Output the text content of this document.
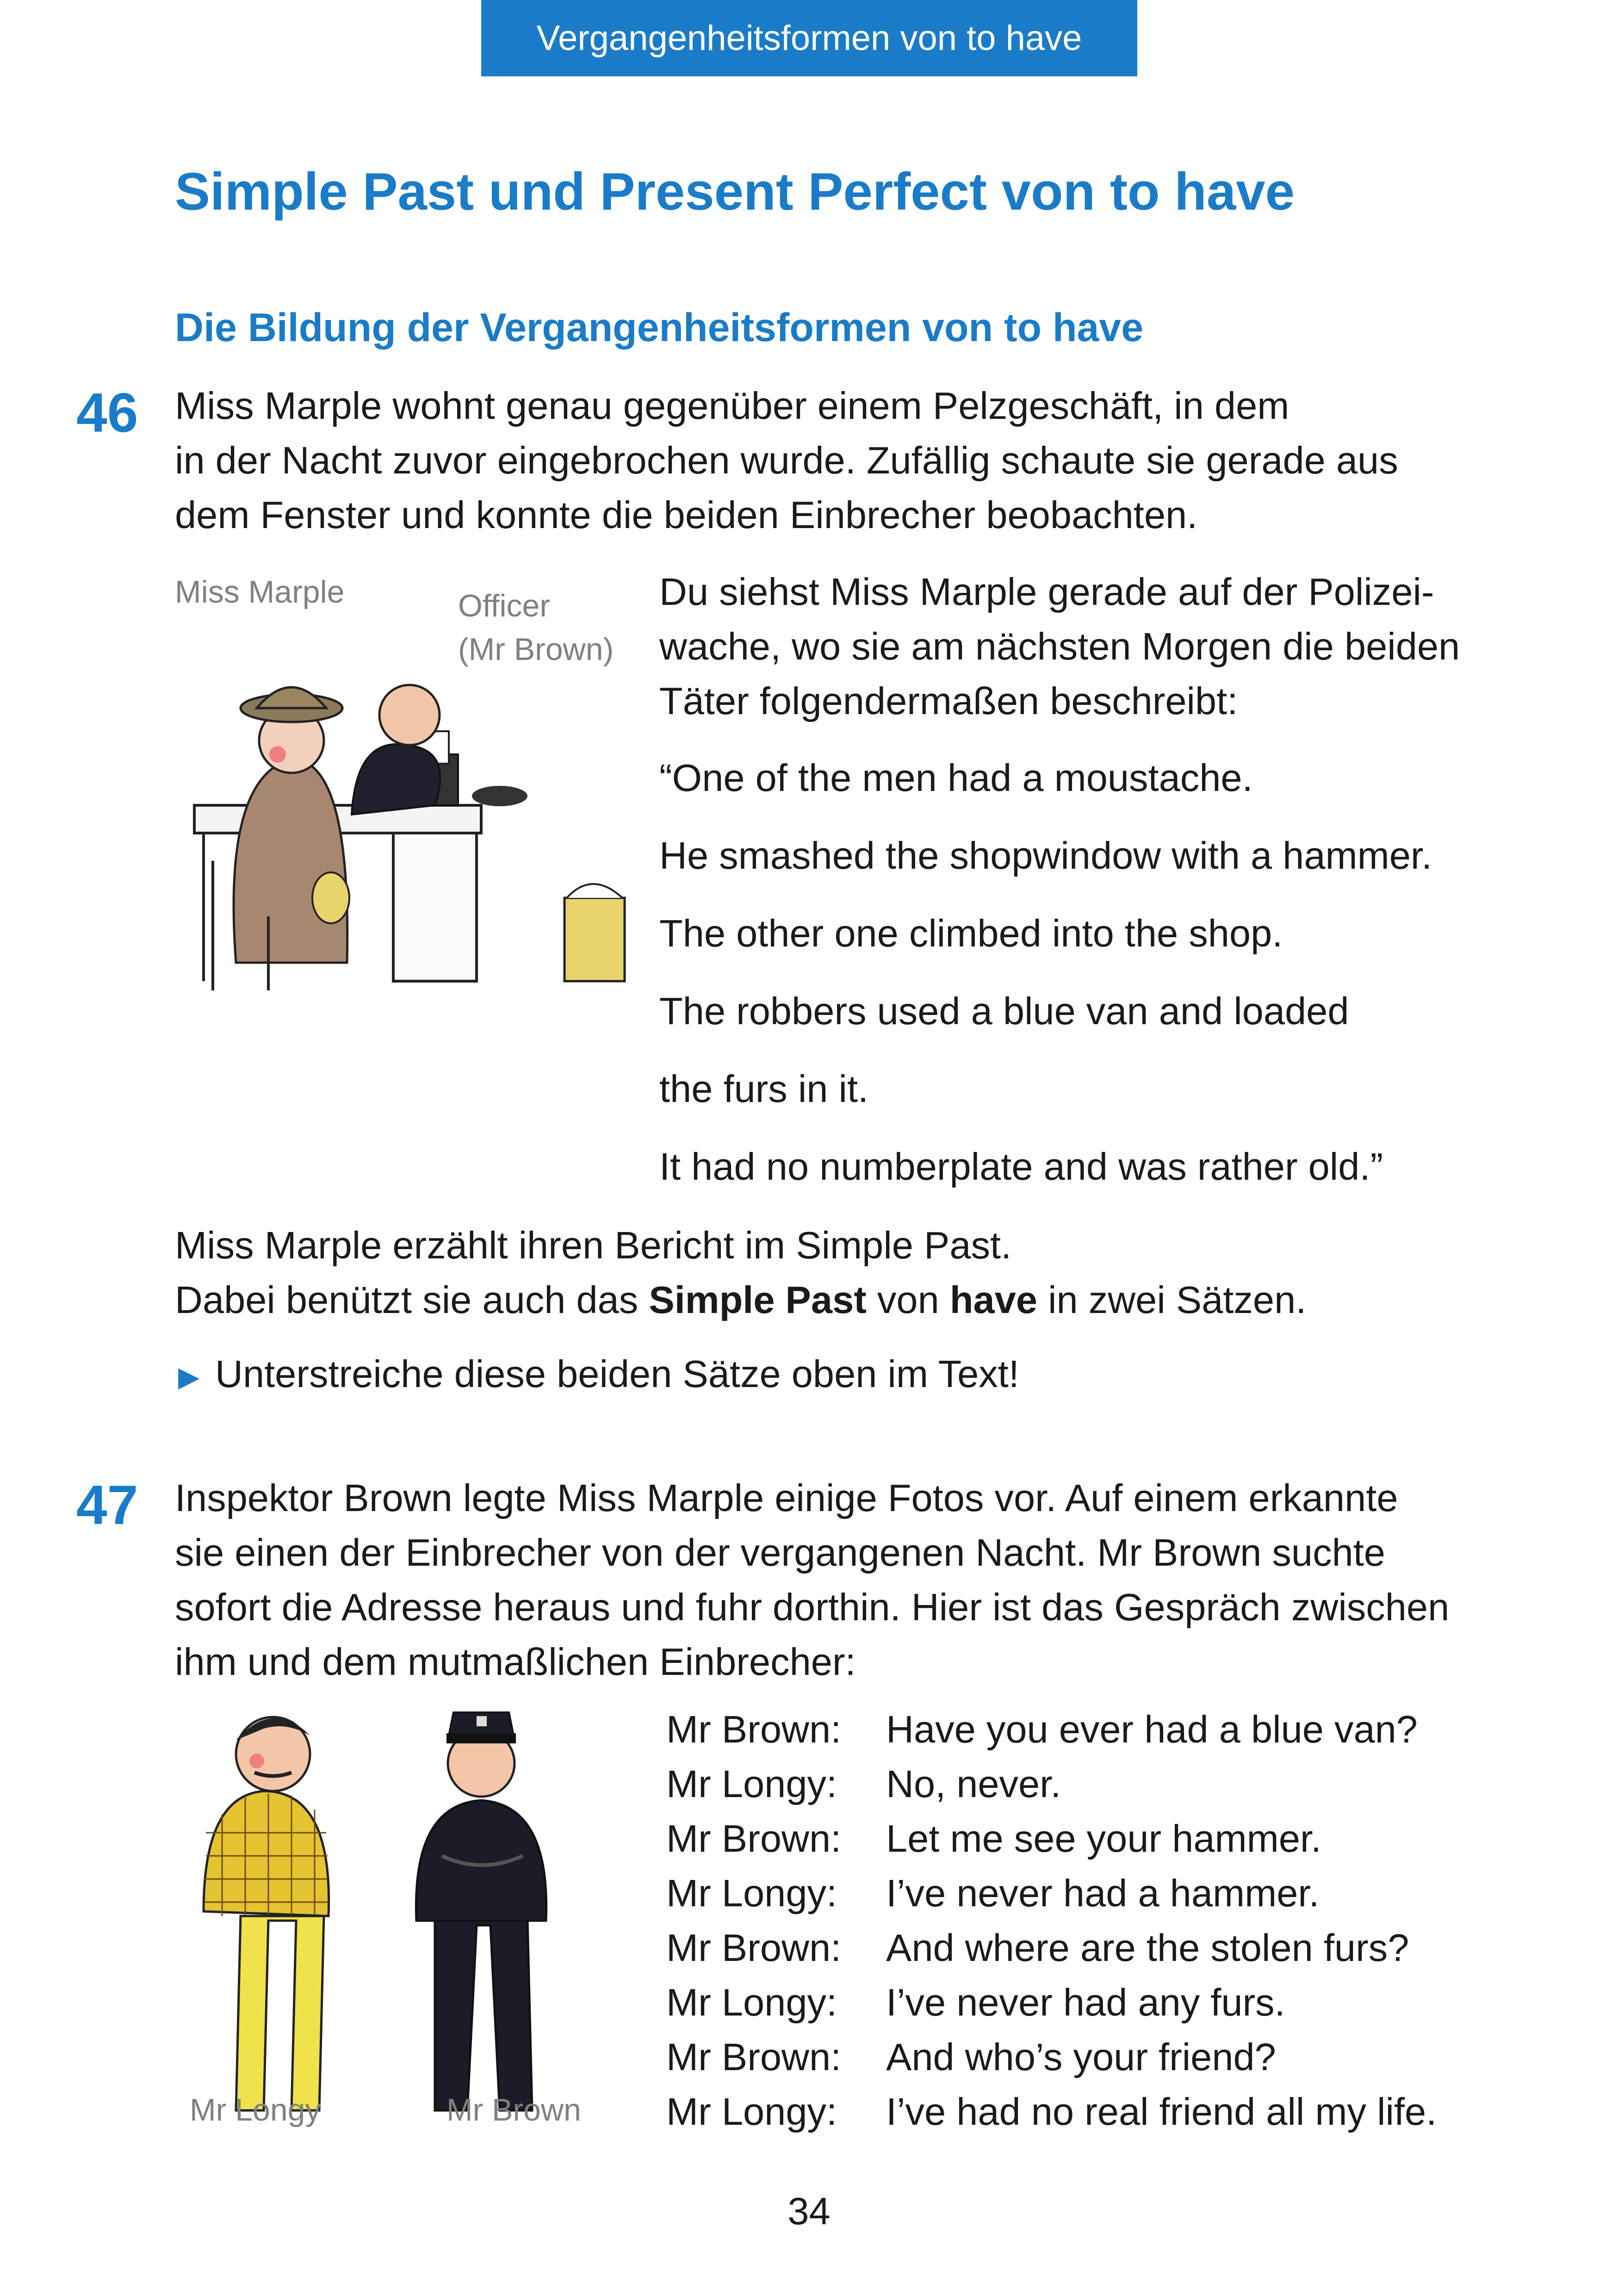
Vergangenheitsformen von to have
Simple Past und Present Perfect von to have
Die Bildung der Vergangenheitsformen von to have
46 Miss Marple wohnt genau gegenüber einem Pelzgeschäft, in dem
in der Nacht zuvor eingebrochen wurde. Zufällig schaute sie gerade aus
dem Fenster und konnte die beiden Einbrecher beobachten.
Miss Marple	Officer
(Mr Brown)
Du siehst Miss Marple gerade auf der Polizei-
wache, wo sie am nächsten Morgen die beiden
Täter folgendermaßen beschreibt:
“One of the men had a moustache.
He smashed the shopwindow with a hammer.
The other one climbed into the shop.
The robbers used a blue van and loaded
the furs in it.
It had no numberplate and was rather old.”
Miss Marple erzählt ihren Bericht im Simple Past.
Dabei benützt sie auch das Simple Past von have in zwei Sätzen.
▶ Unterstreiche diese beiden Sätze oben im Text!
47 Inspektor Brown legte Miss Marple einige Fotos vor. Auf einem erkannte
sie einen der Einbrecher von der vergangenen Nacht. Mr Brown suchte
sofort die Adresse heraus und fuhr dorthin. Hier ist das Gespräch zwischen
ihm und dem mutmaßlichen Einbrecher:
Mr Longy	Mr Brown
Mr Brown: Have you ever had a blue van?
Mr Longy: No, never.
Mr Brown: Let me see your hammer.
Mr Longy: I’ve never had a hammer.
Mr Brown: And where are the stolen furs?
Mr Longy: I’ve never had any furs.
Mr Brown: And who’s your friend?
Mr Longy: I’ve had no real friend all my life.
34
